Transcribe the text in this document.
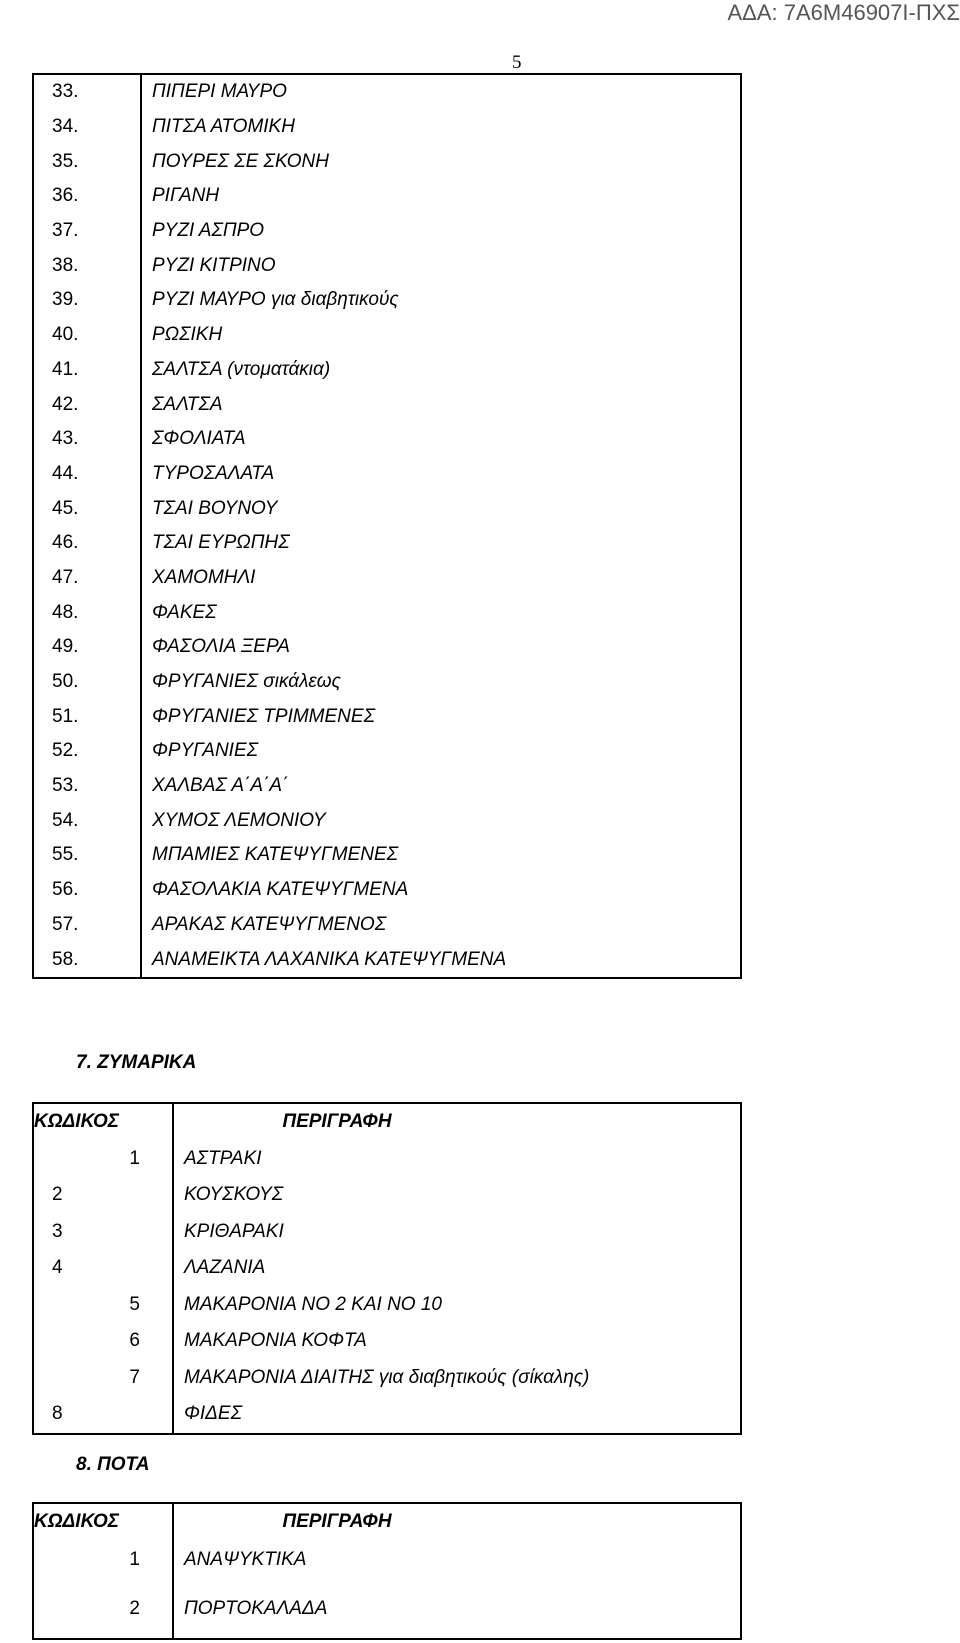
ΑΔΑ: 7Α6Μ46907Ι-ΠΧΣ
5
33.	ΠΙΠΕΡΙ ΜΑΥΡΟ
34.	ΠΙΤΣΑ ΑΤΟΜΙΚΗ
35.	ΠΟΥΡΕΣ ΣΕ ΣΚΟΝΗ
36.	ΡΙΓΑΝΗ
37.	ΡΥΖΙ ΑΣΠΡΟ
38.	ΡΥΖΙ ΚΙΤΡΙΝΟ
39.	ΡΥΖΙ ΜΑΥΡΟ για διαβητικούς
40.	ΡΩΣΙΚΗ
41.	ΣΑΛΤΣΑ (ντοματάκια)
42.	ΣΑΛΤΣΑ
43.	ΣΦΟΛΙΑΤΑ
44.	ΤΥΡΟΣΑΛΑΤΑ
45.	ΤΣΑΙ ΒΟΥΝΟΥ
46.	ΤΣΑΙ ΕΥΡΩΠΗΣ
47.	ΧΑΜΟΜΗΛΙ
48.	ΦΑΚΕΣ
49.	ΦΑΣΟΛΙΑ ΞΕΡΑ
50.	ΦΡΥΓΑΝΙΕΣ σικάλεως
51.	ΦΡΥΓΑΝΙΕΣ ΤΡΙΜΜΕΝΕΣ
52.	ΦΡΥΓΑΝΙΕΣ
53.	ΧΑΛΒΑΣ Α΄Α΄Α΄
54.	ΧΥΜΟΣ ΛΕΜΟΝΙΟΥ
55.	ΜΠΑΜΙΕΣ ΚΑΤΕΨΥΓΜΕΝΕΣ
56.	ΦΑΣΟΛΑΚΙΑ ΚΑΤΕΨΥΓΜΕΝΑ
57.	ΑΡΑΚΑΣ ΚΑΤΕΨΥΓΜΕΝΟΣ
58.	ΑΝΑΜΕΙΚΤΑ ΛΑΧΑΝΙΚΑ ΚΑΤΕΨΥΓΜΕΝΑ
7. ΖΥΜΑΡΙΚΑ
ΚΩΔΙΚΟΣ	ΠΕΡΙΓΡΑΦΗ
1	ΑΣΤΡΑΚΙ
2	ΚΟΥΣΚΟΥΣ
3	ΚΡΙΘΑΡΑΚΙ
4	ΛΑΖΑΝΙΑ
5	ΜΑΚΑΡΟΝΙΑ ΝΟ 2 ΚΑΙ ΝΟ 10
6	ΜΑΚΑΡΟΝΙΑ ΚΟΦΤΑ
7	ΜΑΚΑΡΟΝΙΑ ΔΙΑΙΤΗΣ για διαβητικούς (σίκαλης)
8	ΦΙΔΕΣ
8. ΠΟΤΑ
ΚΩΔΙΚΟΣ	ΠΕΡΙΓΡΑΦΗ
1	ΑΝΑΨΥΚΤΙΚΑ
2	ΠΟΡΤΟΚΑΛΑΔΑ
